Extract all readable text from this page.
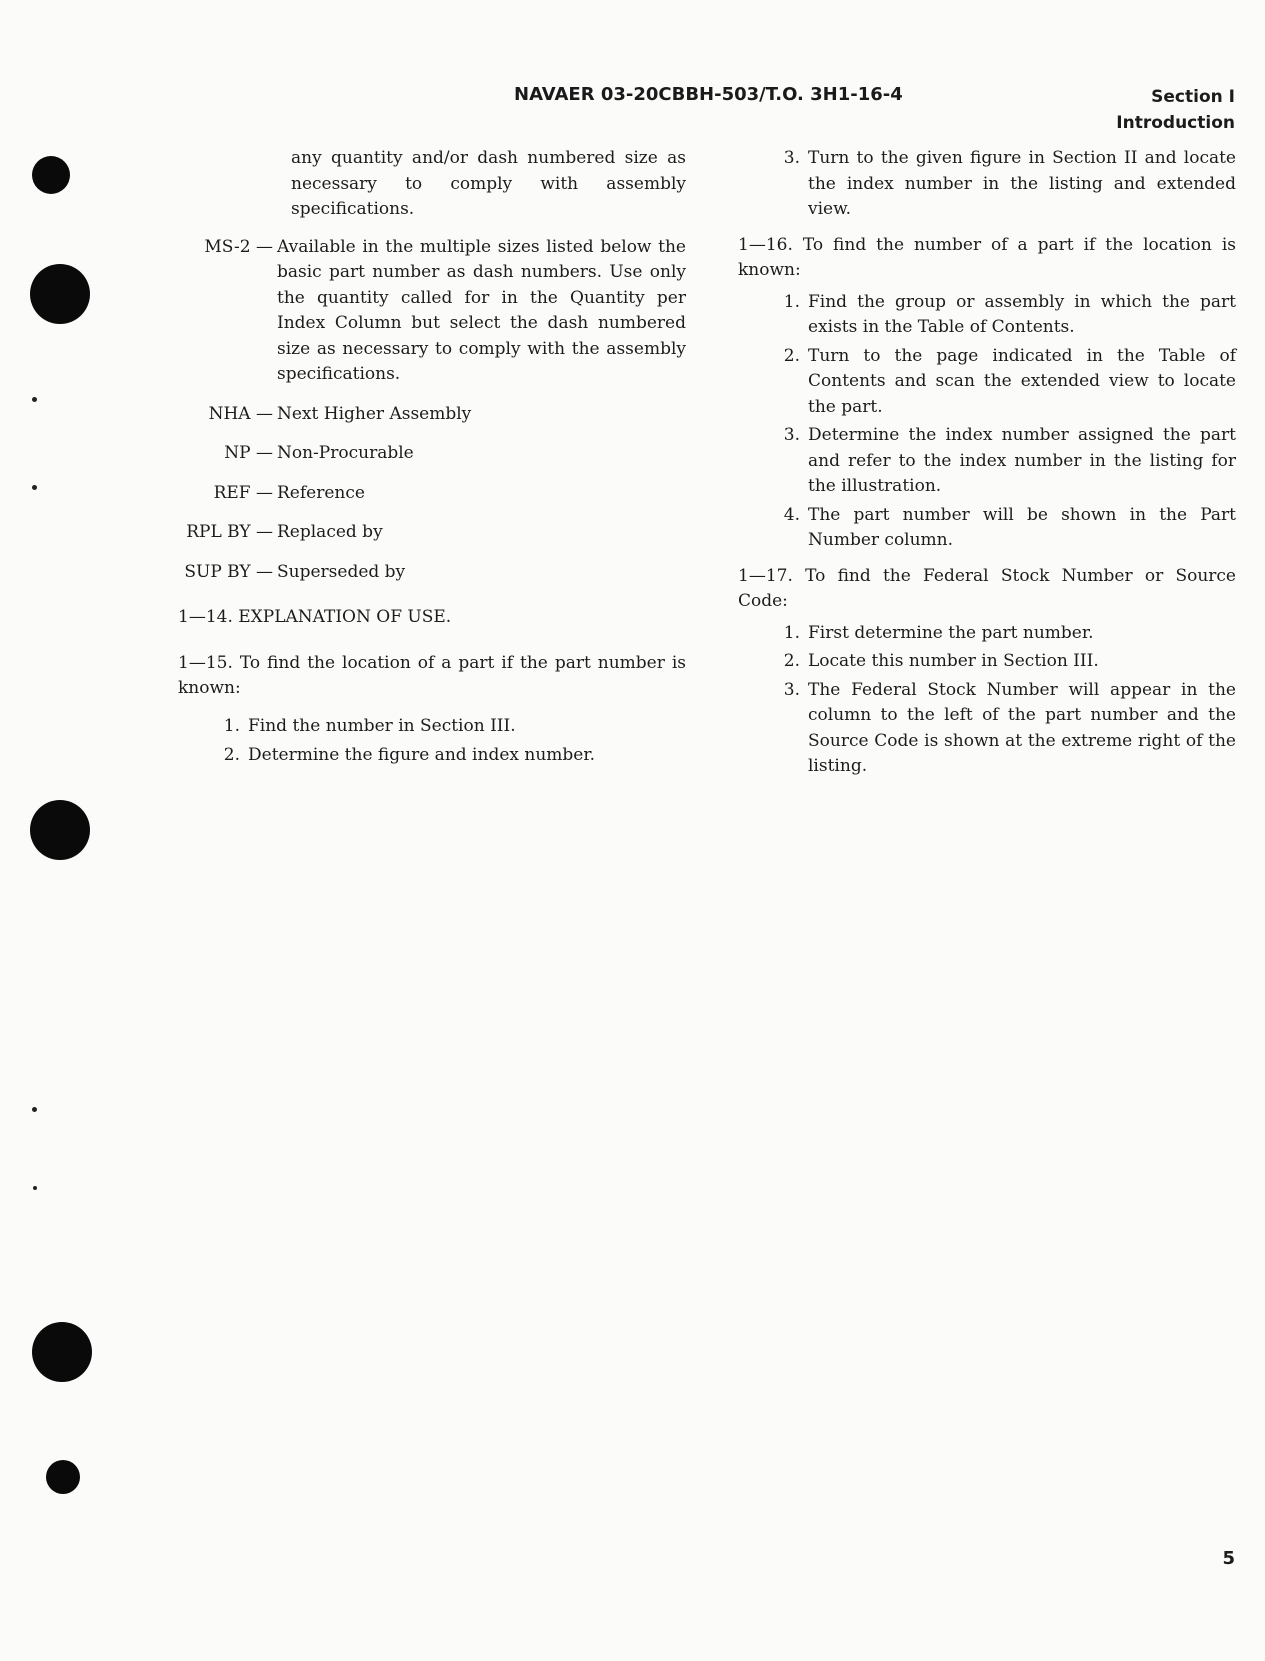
NAVAER 03-20CBBH-503/T.O. 3H1-16-4	Section I
Introduction

any quantity and/or dash numbered size as necessary to comply with assembly specifications.

MS-2 — Available in the multiple sizes listed below the basic part number as dash numbers. Use only the quantity called for in the Quantity per Index Column but select the dash numbered size as necessary to comply with the assembly specifications.
NHA — Next Higher Assembly
NP — Non-Procurable
REF — Reference
RPL BY — Replaced by
SUP BY — Superseded by

1—14. EXPLANATION OF USE.

1—15. To find the location of a part if the part number is known:

1. Find the number in Section III.
2. Determine the figure and index number.
3. Turn to the given figure in Section II and locate the index number in the listing and extended view.

1—16. To find the number of a part if the location is known:

1. Find the group or assembly in which the part exists in the Table of Contents.
2. Turn to the page indicated in the Table of Contents and scan the extended view to locate the part.
3. Determine the index number assigned the part and refer to the index number in the listing for the illustration.
4. The part number will be shown in the Part Number column.

1—17. To find the Federal Stock Number or Source Code:

1. First determine the part number.
2. Locate this number in Section III.
3. The Federal Stock Number will appear in the column to the left of the part number and the Source Code is shown at the extreme right of the listing.
5
